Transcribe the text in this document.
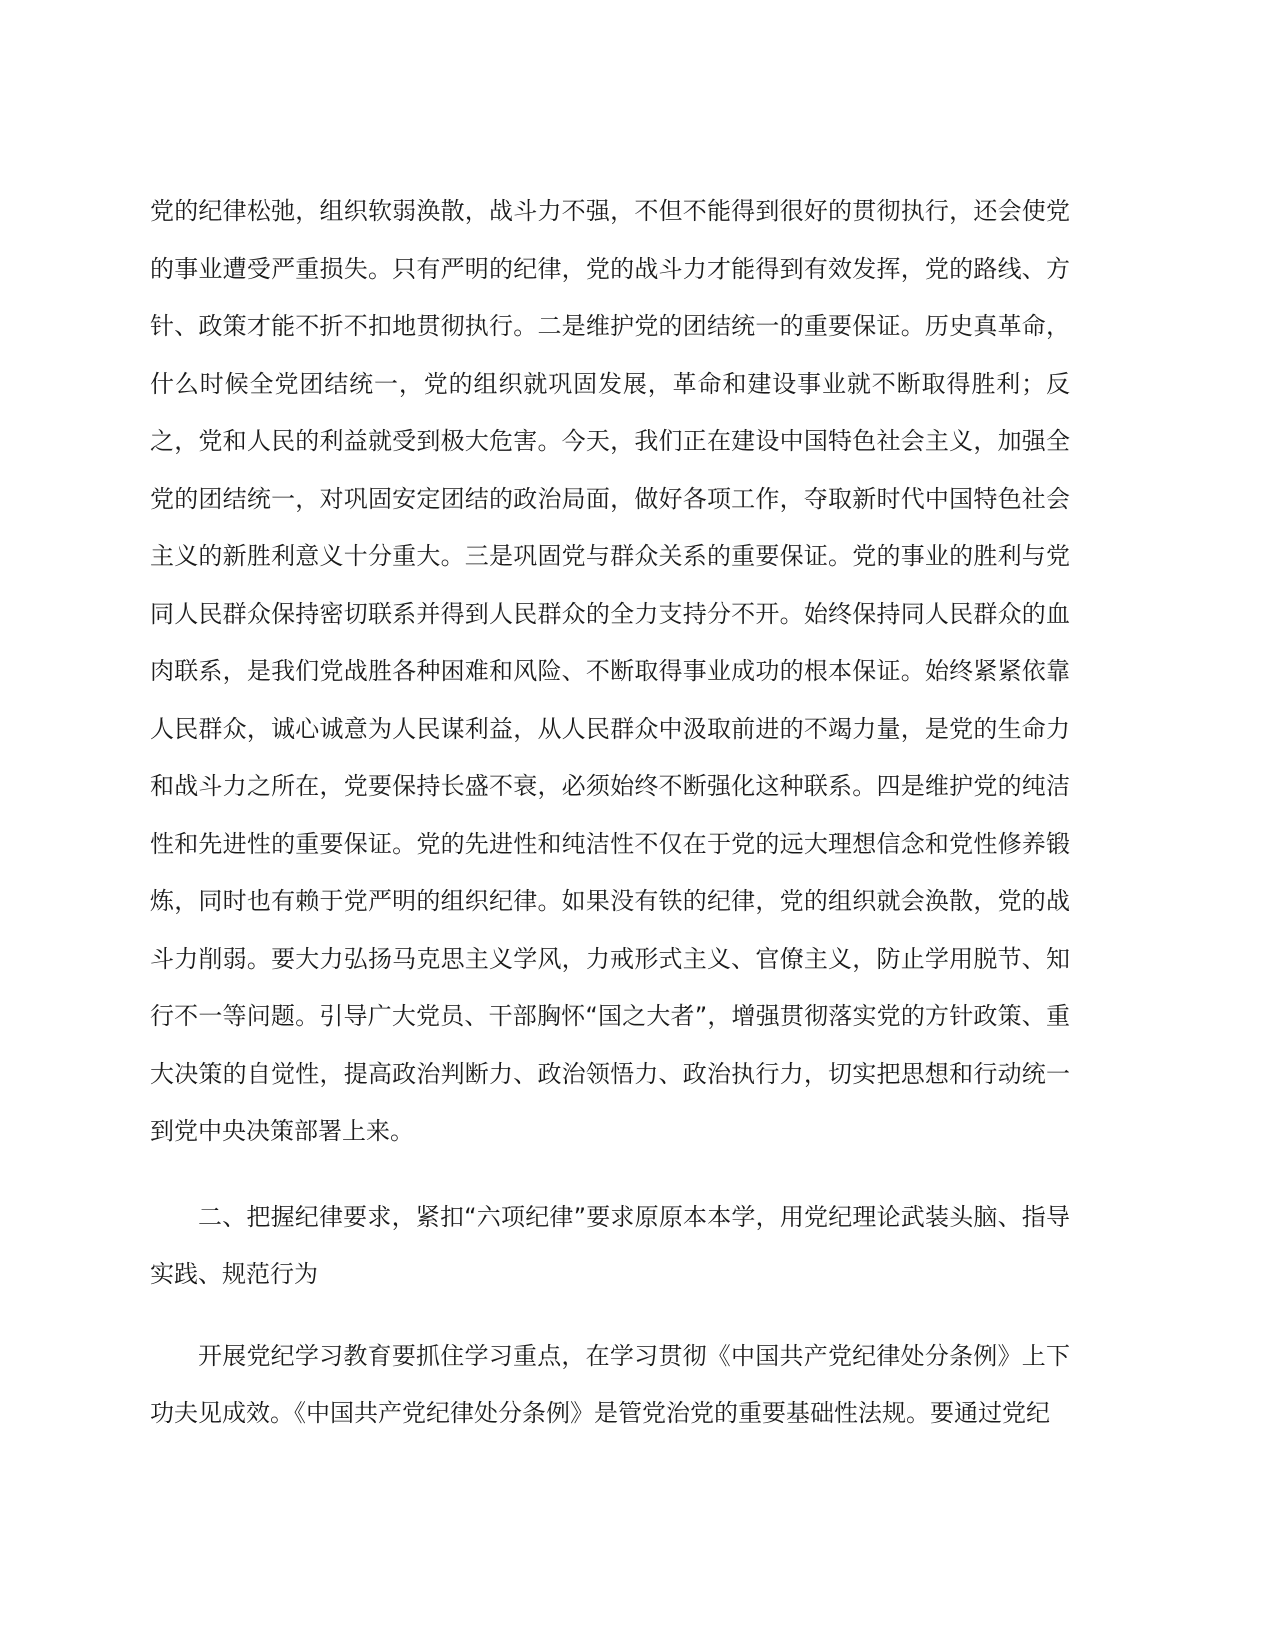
党的纪律松弛，组织软弱涣散，战斗力不强，不但不能得到很好的贯彻执行，还会使党的事业遭受严重损失。只有严明的纪律，党的战斗力才能得到有效发挥，党的路线、方针、政策才能不折不扣地贯彻执行。二是维护党的团结统一的重要保证。历史真革命，什么时候全党团结统一，党的组织就巩固发展，革命和建设事业就不断取得胜利；反之，党和人民的利益就受到极大危害。今天，我们正在建设中国特色社会主义，加强全党的团结统一，对巩固安定团结的政治局面，做好各项工作，夺取新时代中国特色社会主义的新胜利意义十分重大。三是巩固党与群众关系的重要保证。党的事业的胜利与党同人民群众保持密切联系并得到人民群众的全力支持分不开。始终保持同人民群众的血肉联系，是我们党战胜各种困难和风险、不断取得事业成功的根本保证。始终紧紧依靠人民群众，诚心诚意为人民谋利益，从人民群众中汲取前进的不竭力量，是党的生命力和战斗力之所在，党要保持长盛不衰，必须始终不断强化这种联系。四是维护党的纯洁性和先进性的重要保证。党的先进性和纯洁性不仅在于党的远大理想信念和党性修养锻炼，同时也有赖于党严明的组织纪律。如果没有铁的纪律，党的组织就会涣散，党的战斗力削弱。要大力弘扬马克思主义学风，力戒形式主义、官僚主义，防止学用脱节、知行不一等问题。引导广大党员、干部胸怀“国之大者”，增强贯彻落实党的方针政策、重大决策的自觉性，提高政治判断力、政治领悟力、政治执行力，切实把思想和行动统一到党中央决策部署上来。

二、把握纪律要求，紧扣“六项纪律”要求原原本本学，用党纪理论武装头脑、指导实践、规范行为

开展党纪学习教育要抓住学习重点，在学习贯彻《中国共产党纪律处分条例》上下功夫见成效。《中国共产党纪律处分条例》是管党治党的重要基础性法规。要通过党纪
